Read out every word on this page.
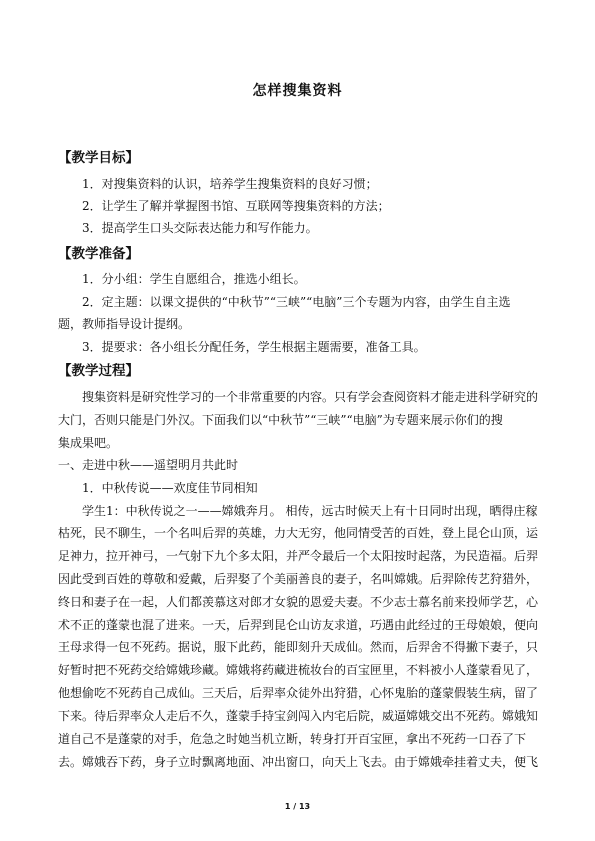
怎样搜集资料
【教学目标】
1．对搜集资料的认识，培养学生搜集资料的良好习惯；
2．让学生了解并掌握图书馆、互联网等搜集资料的方法；
3．提高学生口头交际表达能力和写作能力。
【教学准备】
1．分小组：学生自愿组合，推选小组长。
2．定主题：以课文提供的“中秋节”“三峡”“电脑”三个专题为内容，由学生自主选
题，教师指导设计提纲。
3．提要求：各小组长分配任务，学生根据主题需要，准备工具。
【教学过程】
搜集资料是研究性学习的一个非常重要的内容。只有学会查阅资料才能走进科学研究的
大门，否则只能是门外汉。下面我们以“中秋节”“三峡”“电脑”为专题来展示你们的搜
集成果吧。
一、走进中秋——遥望明月共此时
1．中秋传说——欢度佳节同相知
学生1：中秋传说之一——嫦娥奔月。 相传，远古时候天上有十日同时出现，晒得庄稼
枯死，民不聊生，一个名叫后羿的英雄，力大无穷，他同情受苦的百姓，登上昆仑山顶，运
足神力，拉开神弓，一气射下九个多太阳，并严令最后一个太阳按时起落，为民造福。后羿
因此受到百姓的尊敬和爱戴，后羿娶了个美丽善良的妻子，名叫嫦娥。后羿除传艺狩猎外，
终日和妻子在一起，人们都羡慕这对郎才女貌的恩爱夫妻。不少志士慕名前来投师学艺，心
术不正的蓬蒙也混了进来。一天，后羿到昆仑山访友求道，巧遇由此经过的王母娘娘，便向
王母求得一包不死药。据说，服下此药，能即刻升天成仙。然而，后羿舍不得撇下妻子，只
好暂时把不死药交给嫦娥珍藏。嫦娥将药藏进梳妆台的百宝匣里，不料被小人蓬蒙看见了，
他想偷吃不死药自己成仙。三天后，后羿率众徒外出狩猎，心怀鬼胎的蓬蒙假装生病，留了
下来。待后羿率众人走后不久，蓬蒙手持宝剑闯入内宅后院，威逼嫦娥交出不死药。嫦娥知
道自己不是蓬蒙的对手，危急之时她当机立断，转身打开百宝匣，拿出不死药一口吞了下
去。嫦娥吞下药，身子立时飘离地面、冲出窗口，向天上飞去。由于嫦娥牵挂着丈夫，便飞
1 / 13
